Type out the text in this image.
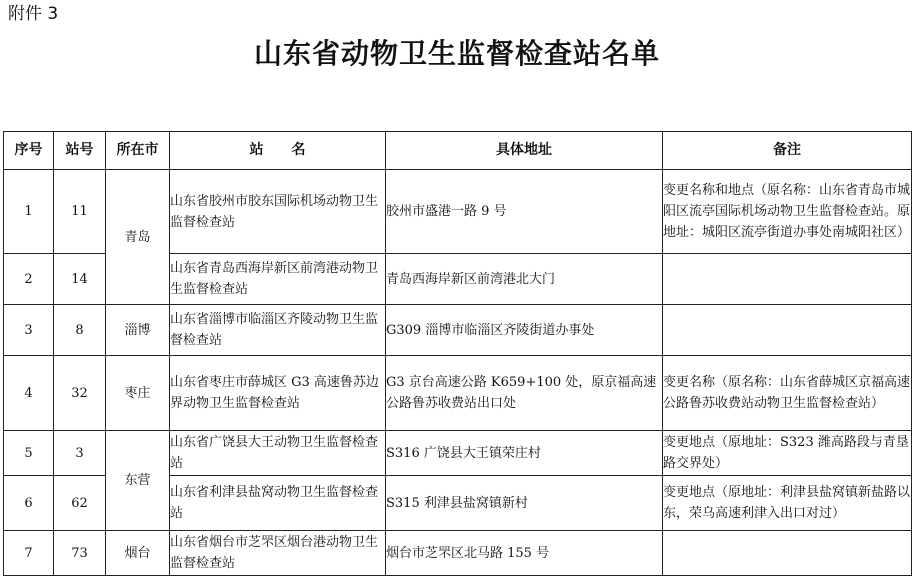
附件 3
山东省动物卫生监督检查站名单
序号	站号	所在市	站　　名	具体地址	备注
1	11	青岛	山东省胶州市胶东国际机场动物卫生监督检查站	胶州市盛港一路 9 号	变更名称和地点（原名称：山东省青岛市城阳区流亭国际机场动物卫生监督检查站。原地址：城阳区流亭街道办事处南城阳社区）
2	14		山东省青岛西海岸新区前湾港动物卫生监督检查站	青岛西海岸新区前湾港北大门	
3	8	淄博	山东省淄博市临淄区齐陵动物卫生监督检查站	G309 淄博市临淄区齐陵街道办事处	
4	32	枣庄	山东省枣庄市薛城区 G3 高速鲁苏边界动物卫生监督检查站	G3 京台高速公路 K659+100 处，原京福高速公路鲁苏收费站出口处	变更名称（原名称：山东省薛城区京福高速公路鲁苏收费站动物卫生监督检查站）
5	3	东营	山东省广饶县大王动物卫生监督检查站	S316 广饶县大王镇荣庄村	变更地点（原地址：S323 潍高路段与青垦路交界处）
6	62		山东省利津县盐窝动物卫生监督检查站	S315 利津县盐窝镇新村	变更地点（原地址：利津县盐窝镇新盐路以东，荣乌高速利津入出口对过）
7	73	烟台	山东省烟台市芝罘区烟台港动物卫生监督检查站	烟台市芝罘区北马路 155 号	
